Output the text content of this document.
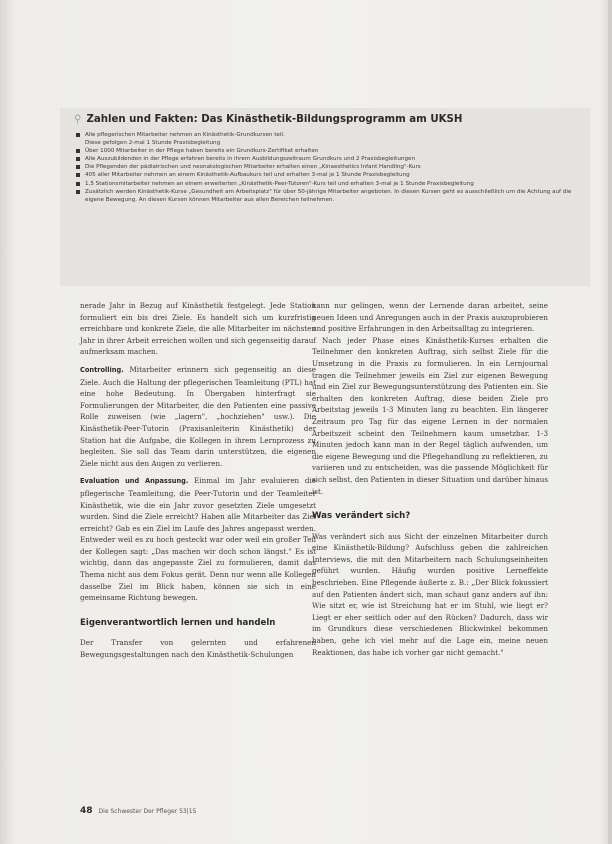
⚲ Zahlen und Fakten: Das Kinästhetik-Bildungsprogramm am UKSH
Alle pflegerischen Mitarbeiter nehmen an Kinästhetik-Grundkursen teil.
Diese gefolgen 2-mal 1 Stunde Praxisbegleitung
Über 1000 Mitarbeiter in der Pflege haben bereits ein Grundkurs-Zertifikat erhalten
Alle Auszubildenden in der Pflege erfahren bereits in ihrem Ausbildungszeitraum Grundkurs und 2 Praxisbegleitungen
Die Pflegenden der pädiatrischen und neonatologischen Mitarbeiter erhalten einen „Kinaesthetics Infant Handling"-Kurs
405 aller Mitarbeiter nehmen an einem Kinästhetik-Aufbaukurs teil und erhalten 3-mal je 1 Stunde Praxisbegleitung
1,5 Stationsmitarbeiter nehmen an einem erweiterten „Kinästhetik-Peer-Tutoren"-Kurs teil und erhalten 3-mal je 1 Stunde Praxisbegleitung
Zusätzlich werden Kinästhetik-Kurse „Gesundheit am Arbeitsplatz" für über 50-jährige Mitarbeiter angeboten. In diesen Kursen geht es ausschließlich um die Achtung auf die eigene Bewegung. An diesen Kursen können Mitarbeiter aus allen Bereichen teilnehmen.

nerade Jahr in Bezug auf Kinästhetik festgelegt. Jede Station formuliert ein bis drei Ziele. Es handelt sich um kurzfristig erreichbare und konkrete Ziele, die alle Mitarbeiter im nächsten Jahr in ihrer Arbeit erreichen wollen und sich gegenseitig darauf aufmerksam machen.

Controlling. Mitarbeiter erinnern sich gegenseitig an diese Ziele. Auch die Haltung der pflegerischen Teamleitung (PTL) hat eine hohe Bedeutung. In Übergaben hinterfragt sie Formulierungen der Mitarbeiter, die den Patienten eine passive Rolle zuweisen (wie „lagern", „hochziehen" usw.). Die Kinästhetik-Peer-Tutorin (Praxisanleiterin Kinästhetik) der Station hat die Aufgabe, die Kollegen in ihrem Lernprozess zu begleiten. Sie soll das Team darin unterstützen, die eigenen Ziele nicht aus den Augen zu verlieren.

Evaluation und Anpassung. Einmal im Jahr evaluieren die pflegerische Teamleitung, die Peer-Tutorin und der Teamleiter Kinästhetik, wie die ein Jahr zuvor gesetzten Ziele umgesetzt wurden. Sind die Ziele erreicht? Haben alle Mitarbeiter das Ziel erreicht? Gab es ein Ziel im Laufe des Jahres angepasst werden. Entweder weil es zu hoch gesteckt war oder weil ein großer Teil der Kollegen sagt: „Das machen wir doch schon längst." Es ist wichtig, dann das angepasste Ziel zu formulieren, damit das Thema nicht aus dem Fokus gerät. Denn nur wenn alle Kollegen dasselbe Ziel im Blick haben, können sie sich in eine gemeinsame Richtung bewegen.

Eigenverantwortlich lernen und handeln

Der Transfer von gelernten und erfahrenen Bewegungsgestaltungen nach den Kinästhetik-Schulungen

kann nur gelingen, wenn der Lernende daran arbeitet, seine neuen Ideen und Anregungen auch in der Praxis auszuprobieren und positive Erfahrungen in den Arbeitsalltag zu integrieren.

Nach jeder Phase eines Kinästhetik-Kurses erhalten die Teilnehmer den konkreten Auftrag, sich selbst Ziele für die Umsetzung in die Praxis zu formulieren. In ein Lernjournal tragen die Teilnehmer jeweils ein Ziel zur eigenen Bewegung und ein Ziel zur Bewegungsunterstützung des Patienten ein. Sie erhalten den konkreten Auftrag, diese beiden Ziele pro Arbeitstag jeweils 1-3 Minuten lang zu beachten. Ein längerer Zeitraum pro Tag für das eigene Lernen in der normalen Arbeitszeit scheint den Teilnehmern kaum umsetzbar. 1-3 Minuten jedoch kann man in der Regel täglich aufwenden, um die eigene Bewegung und die Pflegehandlung zu reflektieren, zu variieren und zu entscheiden, was die passende Möglichkeit für sich selbst, den Patienten in dieser Situation und darüber hinaus ist.

Was verändert sich?

Was verändert sich aus Sicht der einzelnen Mitarbeiter durch eine Kinästhetik-Bildung? Aufschluss geben die zahlreichen Interviews, die mit den Mitarbeitern nach Schulungseinheiten geführt wurden. Häufig wurden positive Lerneffekte beschrieben. Eine Pflegende äußerte z. B.: „Der Blick fokussiert auf den Patienten ändert sich, man schaut ganz anders auf ihn: Wie sitzt er, wie ist Streichung hat er im Stuhl, wie liegt er? Liegt er eher seitlich oder auf den Rücken? Dadurch, dass wir im Grundkurs diese verschiedenen Blickwinkel bekommen haben, gehe ich viel mehr auf die Lage ein, meine neuen Reaktionen, das habe ich vorher gar nicht gemacht."

48 Die Schwester Der Pfleger 53|15
